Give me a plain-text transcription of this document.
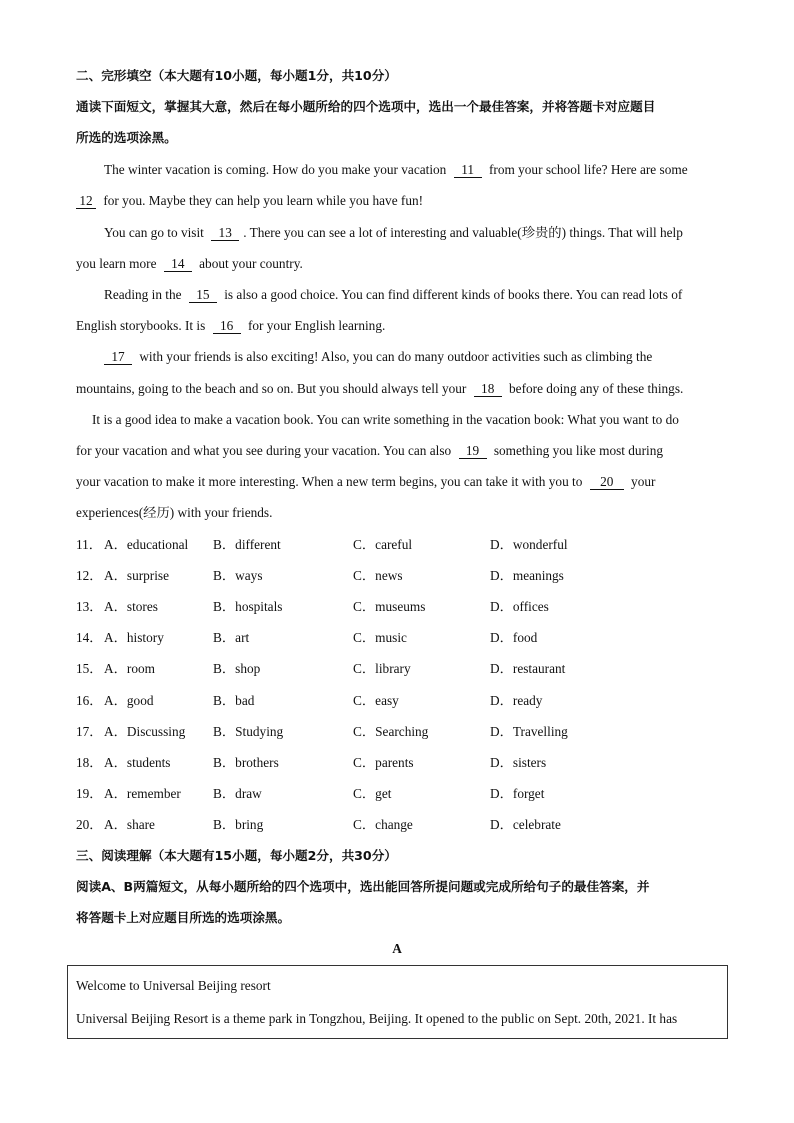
二、完形填空（本大题有10小题，每小题1分，共10分）
通读下面短文，掌握其大意，然后在每小题所给的四个选项中，选出一个最佳答案，并将答题卡对应题目
所选的选项涂黑。
The winter vacation is coming. How do you make your vacation 11 from your school life? Here are some
12 for you. Maybe they can help you learn while you have fun!
You can go to visit 13 . There you can see a lot of interesting and valuable(珍贵的) things. That will help
you learn more 14 about your country.
Reading in the 15 is also a good choice. You can find different kinds of books there. You can read lots of
English storybooks. It is 16 for your English learning.
17 with your friends is also exciting! Also, you can do many outdoor activities such as climbing the
mountains, going to the beach and so on. But you should always tell your 18 before doing any of these things.
It is a good idea to make a vacation book. You can write something in the vacation book: What you want to do
for your vacation and what you see during your vacation. You can also 19 something you like most during
your vacation to make it more interesting. When a new term begins, you can take it with you to 20 your
experiences(经历) with your friends.
11． A．educational B．different	C．careful	D．wonderful
12． A．surprise	B．ways	C．news	D．meanings
13． A．stores	B．hospitals	C．museums	D．offices
14． A．history	B．art	C．music	D．food
15． A．room	B．shop	C．library	D．restaurant
16． A．good	B．bad	C．easy	D．ready
17． A．Discussing B．Studying	C．Searching	D．Travelling
18． A．students	B．brothers	C．parents	D．sisters
19． A．remember B．draw	C．get	D．forget
20． A．share	B．bring	C．change	D．celebrate
三、阅读理解（本大题有15小题，每小题2分，共30分）
阅读A、B两篇短文，从每小题所给的四个选项中，选出能回答所提问题或完成所给句子的最佳答案，并
将答题卡上对应题目所选的选项涂黑。
A
Welcome to Universal Beijing resort
Universal Beijing Resort is a theme park in Tongzhou, Beijing. It opened to the public on Sept. 20th, 2021. It has
